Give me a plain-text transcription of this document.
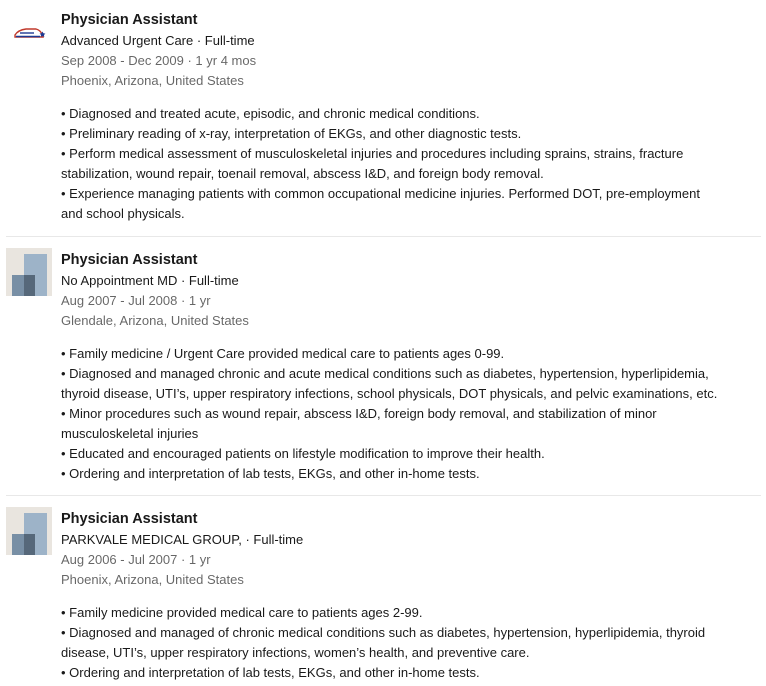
Physician Assistant
Advanced Urgent Care · Full-time
Sep 2008 - Dec 2009 · 1 yr 4 mos
Phoenix, Arizona, United States
• Diagnosed and treated acute, episodic, and chronic medical conditions.
• Preliminary reading of x-ray, interpretation of EKGs, and other diagnostic tests.
• Perform medical assessment of musculoskeletal injuries and procedures including sprains, strains, fracture
stabilization, wound repair, toenail removal, abscess I&D, and foreign body removal.
• Experience managing patients with common occupational medicine injuries. Performed DOT, pre-employment
and school physicals.
Physician Assistant
No Appointment MD · Full-time
Aug 2007 - Jul 2008 · 1 yr
Glendale, Arizona, United States
• Family medicine / Urgent Care provided medical care to patients ages 0-99.
• Diagnosed and managed chronic and acute medical conditions such as diabetes, hypertension, hyperlipidemia,
thyroid disease, UTI’s, upper respiratory infections, school physicals, DOT physicals, and pelvic examinations, etc.
• Minor procedures such as wound repair, abscess I&D, foreign body removal, and stabilization of minor
musculoskeletal injuries
• Educated and encouraged patients on lifestyle modification to improve their health.
• Ordering and interpretation of lab tests, EKGs, and other in-home tests.
Physician Assistant
PARKVALE MEDICAL GROUP, · Full-time
Aug 2006 - Jul 2007 · 1 yr
Phoenix, Arizona, United States
• Family medicine provided medical care to patients ages 2-99.
• Diagnosed and managed of chronic medical conditions such as diabetes, hypertension, hyperlipidemia, thyroid
disease, UTI’s, upper respiratory infections, women’s health, and preventive care.
• Ordering and interpretation of lab tests, EKGs, and other in-home tests.
